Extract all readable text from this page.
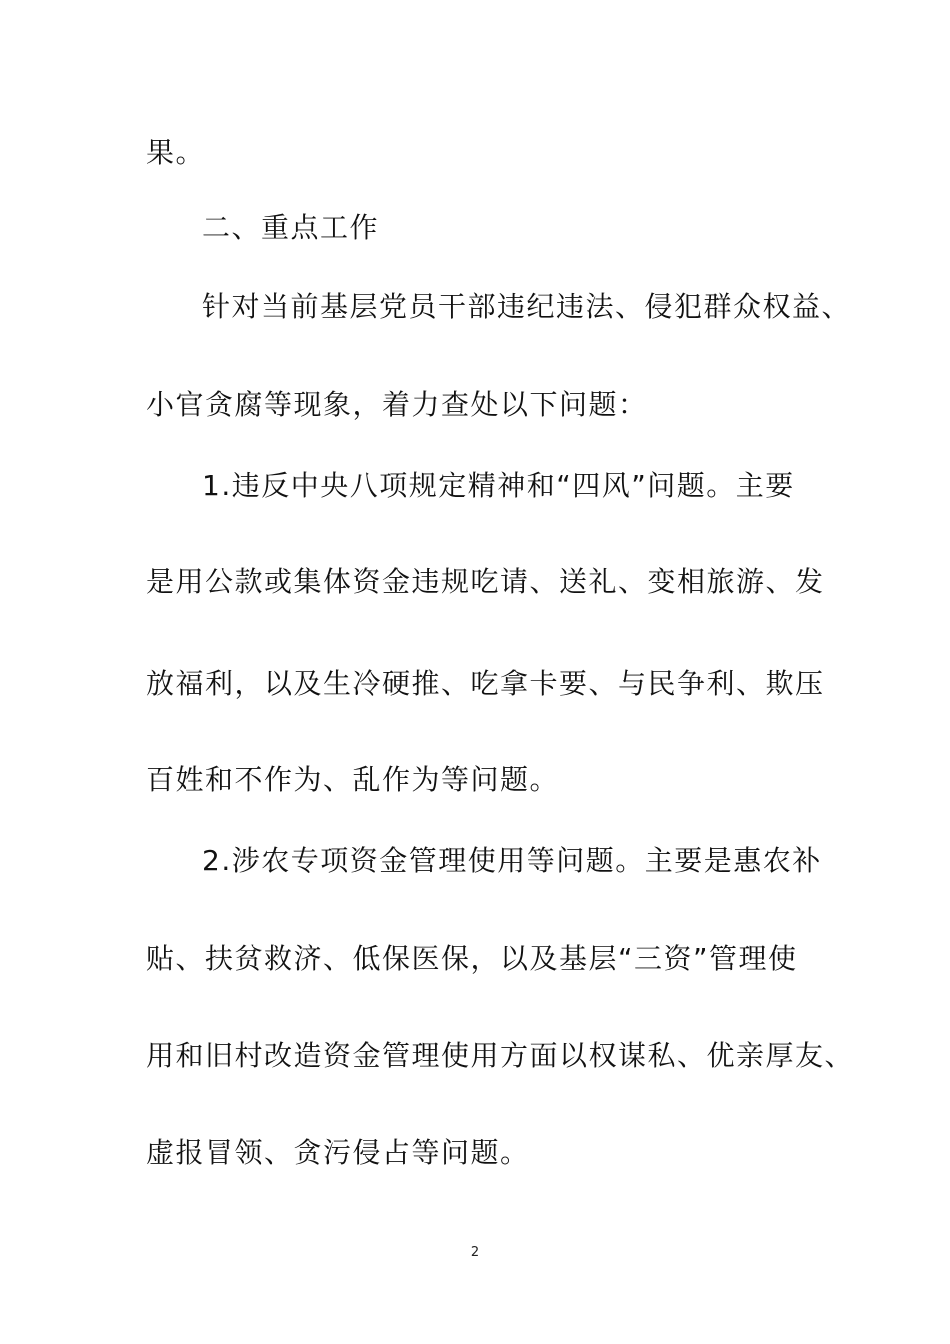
果。
二、重点工作
针对当前基层党员干部违纪违法、侵犯群众权益、
小官贪腐等现象，着力查处以下问题：
1.违反中央八项规定精神和“四风”问题。主要
是用公款或集体资金违规吃请、送礼、变相旅游、发
放福利，以及生冷硬推、吃拿卡要、与民争利、欺压
百姓和不作为、乱作为等问题。
2.涉农专项资金管理使用等问题。主要是惠农补
贴、扶贫救济、低保医保，以及基层“三资”管理使
用和旧村改造资金管理使用方面以权谋私、优亲厚友、
虚报冒领、贪污侵占等问题。
2
